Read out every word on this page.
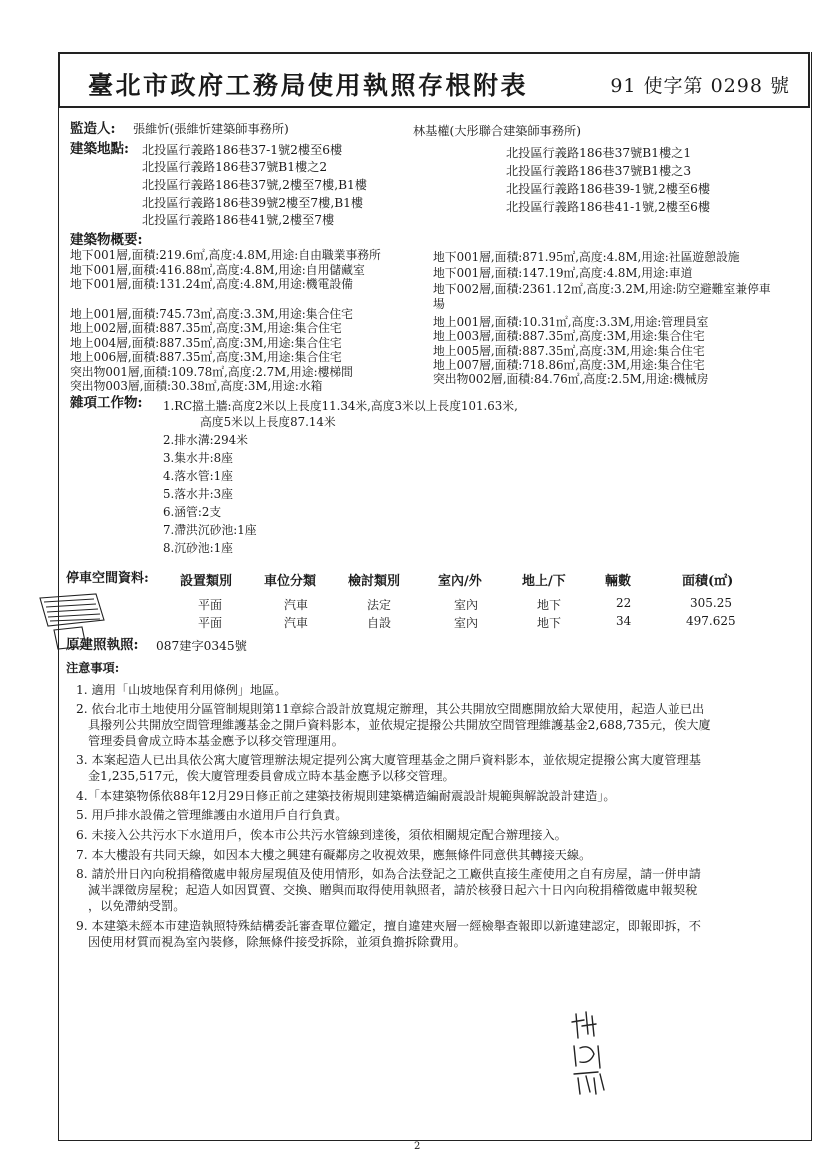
臺北市政府工務局使用執照存根附表	91 使字第 0298 號
監造人: 張維忻(張維忻建築師事務所)	林基權(大彤聯合建築師事務所)
建築地點: 北投區行義路186巷37-1號2樓至6樓
北投區行義路186巷37號B1樓之2
北投區行義路186巷37號,2樓至7樓,B1樓
北投區行義路186巷39號2樓至7樓,B1樓
北投區行義路186巷41號,2樓至7樓
北投區行義路186巷37號B1樓之1
北投區行義路186巷37號B1樓之3
北投區行義路186巷39-1號,2樓至6樓
北投區行義路186巷41-1號,2樓至6樓
建築物概要:
地下001層,面積:219.6㎡,高度:4.8M,用途:自由職業事務所
地下001層,面積:416.88㎡,高度:4.8M,用途:自用儲藏室
地下001層,面積:131.24㎡,高度:4.8M,用途:機電設備
地下001層,面積:871.95㎡,高度:4.8M,用途:社區遊憩設施
地下001層,面積:147.19㎡,高度:4.8M,用途:車道
地下002層,面積:2361.12㎡,高度:3.2M,用途:防空避難室兼停車
場
地上001層,面積:745.73㎡,高度:3.3M,用途:集合住宅
地上002層,面積:887.35㎡,高度:3M,用途:集合住宅
地上004層,面積:887.35㎡,高度:3M,用途:集合住宅
地上006層,面積:887.35㎡,高度:3M,用途:集合住宅
突出物001層,面積:109.78㎡,高度:2.7M,用途:樓梯間
突出物003層,面積:30.38㎡,高度:3M,用途:水箱
地上001層,面積:10.31㎡,高度:3.3M,用途:管理員室
地上003層,面積:887.35㎡,高度:3M,用途:集合住宅
地上005層,面積:887.35㎡,高度:3M,用途:集合住宅
地上007層,面積:718.86㎡,高度:3M,用途:集合住宅
突出物002層,面積:84.76㎡,高度:2.5M,用途:機械房
雜項工作物: 1.RC擋土牆:高度2米以上長度11.34米,高度3米以上長度101.63米,
高度5米以上長度87.14米
2.排水溝:294米
3.集水井:8座
4.落水管:1座
5.落水井:3座
6.涵管:2支
7.滯洪沉砂池:1座
8.沉砂池:1座
停車空間資料: 設置類別 車位分類 檢討類別	室內/外	地上/下	輛數	面積(㎡)
平面	汽車	法定	室內	地下	22	305.25
平面	汽車	自設	室內	地下	34	497.625
原建照執照: 087建字0345號
注意事項:
1. 適用「山坡地保育利用條例」地區。
2. 依台北市土地使用分區管制規則第11章綜合設計放寬規定辦理，其公共開放空間應開放給大眾使用，起造人並已出
具撥列公共開放空間管理維護基金之開戶資料影本，並依規定提撥公共開放空間管理維護基金2,688,735元，俟大廈
管理委員會成立時本基金應予以移交管理運用。
3. 本案起造人已出具依公寓大廈管理辦法規定提列公寓大廈管理基金之開戶資料影本，並依規定提撥公寓大廈管理基
金1,235,517元，俟大廈管理委員會成立時本基金應予以移交管理。
4.「本建築物係依88年12月29日修正前之建築技術規則建築構造編耐震設計規範與解說設計建造」。
5. 用戶排水設備之管理維護由水道用戶自行負責。
6. 未接入公共污水下水道用戶，俟本市公共污水管線到達後，須依相關規定配合辦理接入。
7. 本大樓設有共同天線，如因本大樓之興建有礙鄰房之收視效果，應無條件同意供其轉接天線。
8. 請於卅日內向稅捐稽徵處申報房屋現值及使用情形，如為合法登記之工廠供直接生產使用之自有房屋，請一併申請
減半課徵房屋稅；起造人如因買賣、交換、贈與而取得使用執照者，請於核發日起六十日內向稅捐稽徵處申報契稅
，以免滯納受罰。
9. 本建築未經本市建造執照特殊結構委託審查單位鑑定，擅自違建夾層一經檢舉查報即以新違建認定，即報即拆，不
因使用材質而視為室內裝修，除無條件接受拆除，並須負擔拆除費用。
2
